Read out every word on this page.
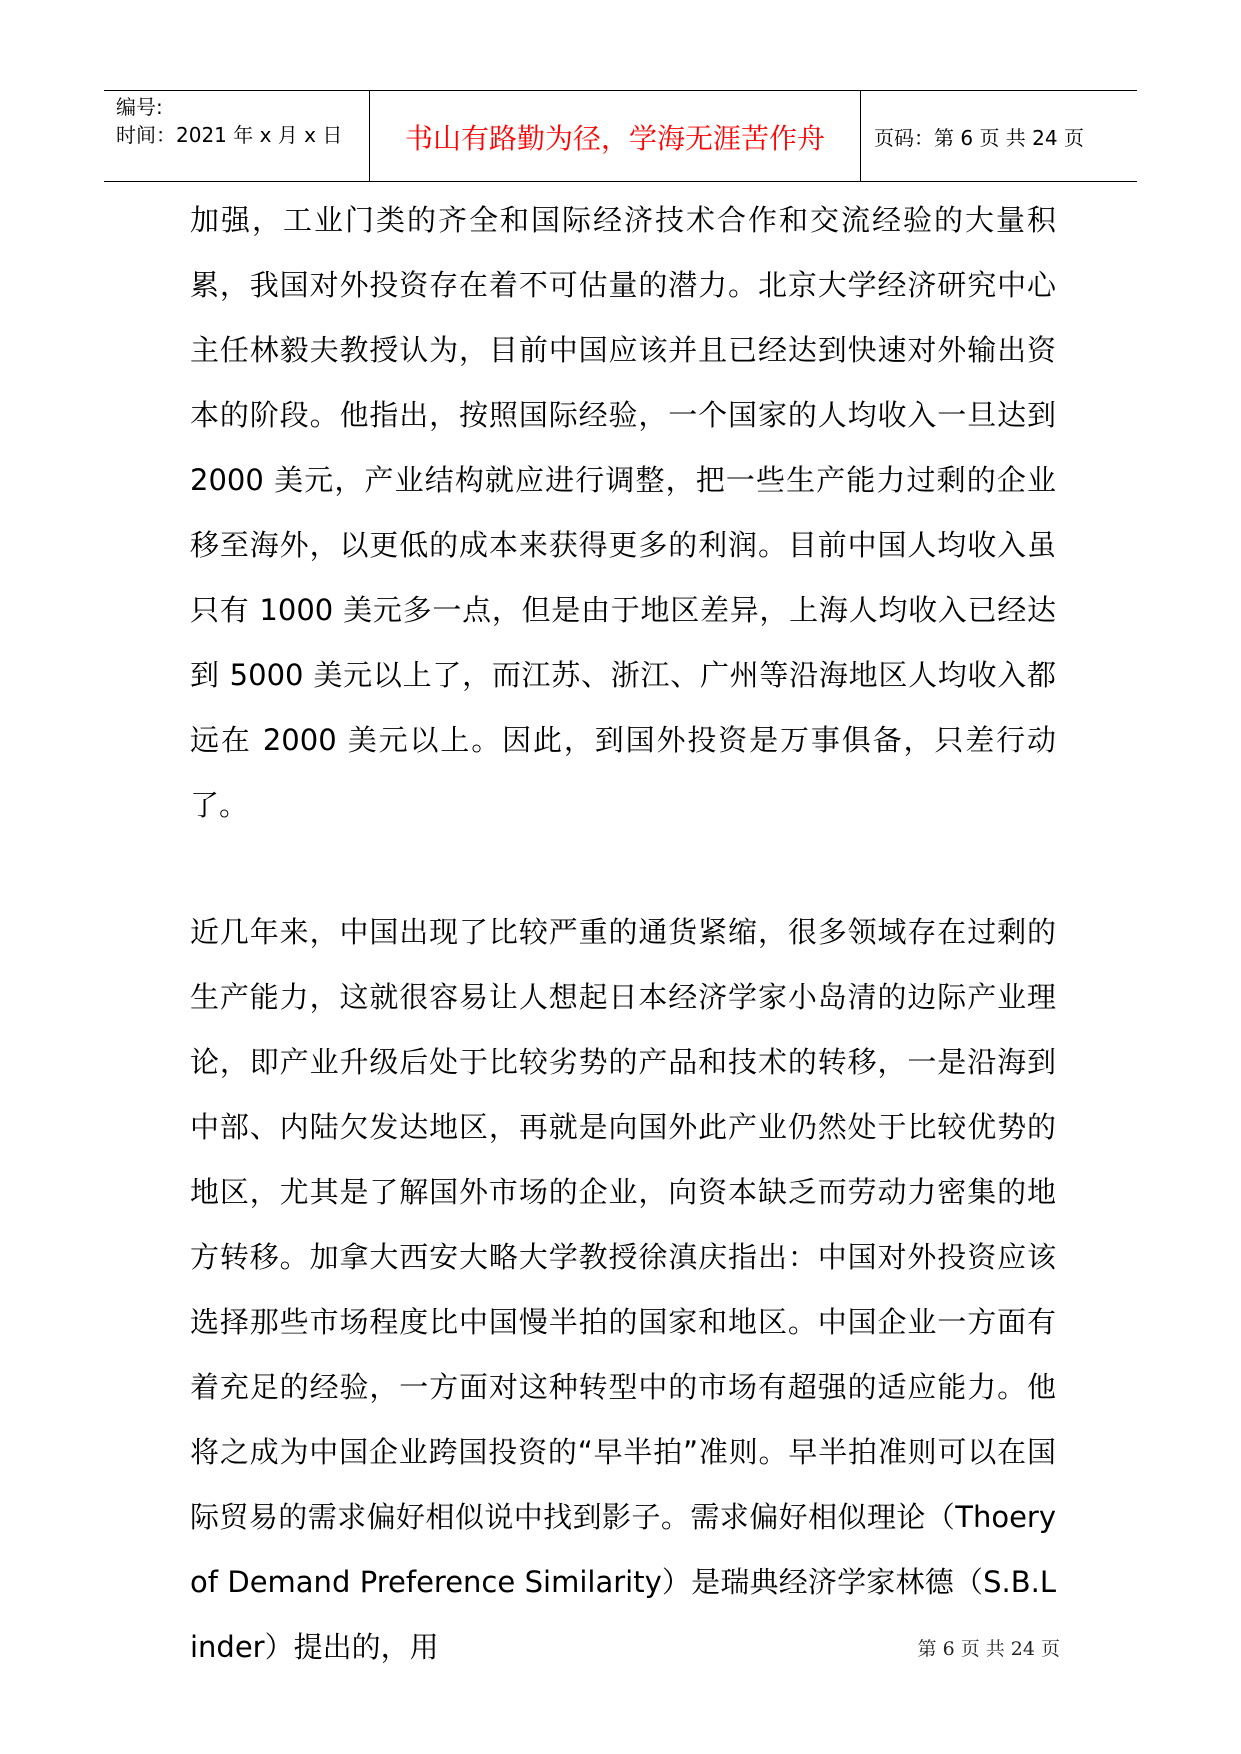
编号:
时间：2021 年 x 月 x 日	书山有路勤为径，学海无涯苦作舟	页码：第 6 页 共 24 页

加强，工业门类的齐全和国际经济技术合作和交流经验的大量积累，我国对外投资存在着不可估量的潜力。北京大学经济研究中心主任林毅夫教授认为，目前中国应该并且已经达到快速对外输出资本的阶段。他指出，按照国际经验，一个国家的人均收入一旦达到 2000 美元，产业结构就应进行调整，把一些生产能力过剩的企业移至海外，以更低的成本来获得更多的利润。目前中国人均收入虽只有 1000 美元多一点，但是由于地区差异，上海人均收入已经达到 5000 美元以上了，而江苏、浙江、广州等沿海地区人均收入都远在 2000 美元以上。因此，到国外投资是万事俱备，只差行动了。

近几年来，中国出现了比较严重的通货紧缩，很多领域存在过剩的生产能力，这就很容易让人想起日本经济学家小岛清的边际产业理论，即产业升级后处于比较劣势的产品和技术的转移，一是沿海到中部、内陆欠发达地区，再就是向国外此产业仍然处于比较优势的地区，尤其是了解国外市场的企业，向资本缺乏而劳动力密集的地方转移。加拿大西安大略大学教授徐滇庆指出：中国对外投资应该选择那些市场程度比中国慢半拍的国家和地区。中国企业一方面有着充足的经验，一方面对这种转型中的市场有超强的适应能力。他将之成为中国企业跨国投资的“早半拍”准则。早半拍准则可以在国际贸易的需求偏好相似说中找到影子。需求偏好相似理论（Thoery of Demand Preference Similarity）是瑞典经济学家林德（S.B.Linder）提出的，用	第 6 页 共 24 页
